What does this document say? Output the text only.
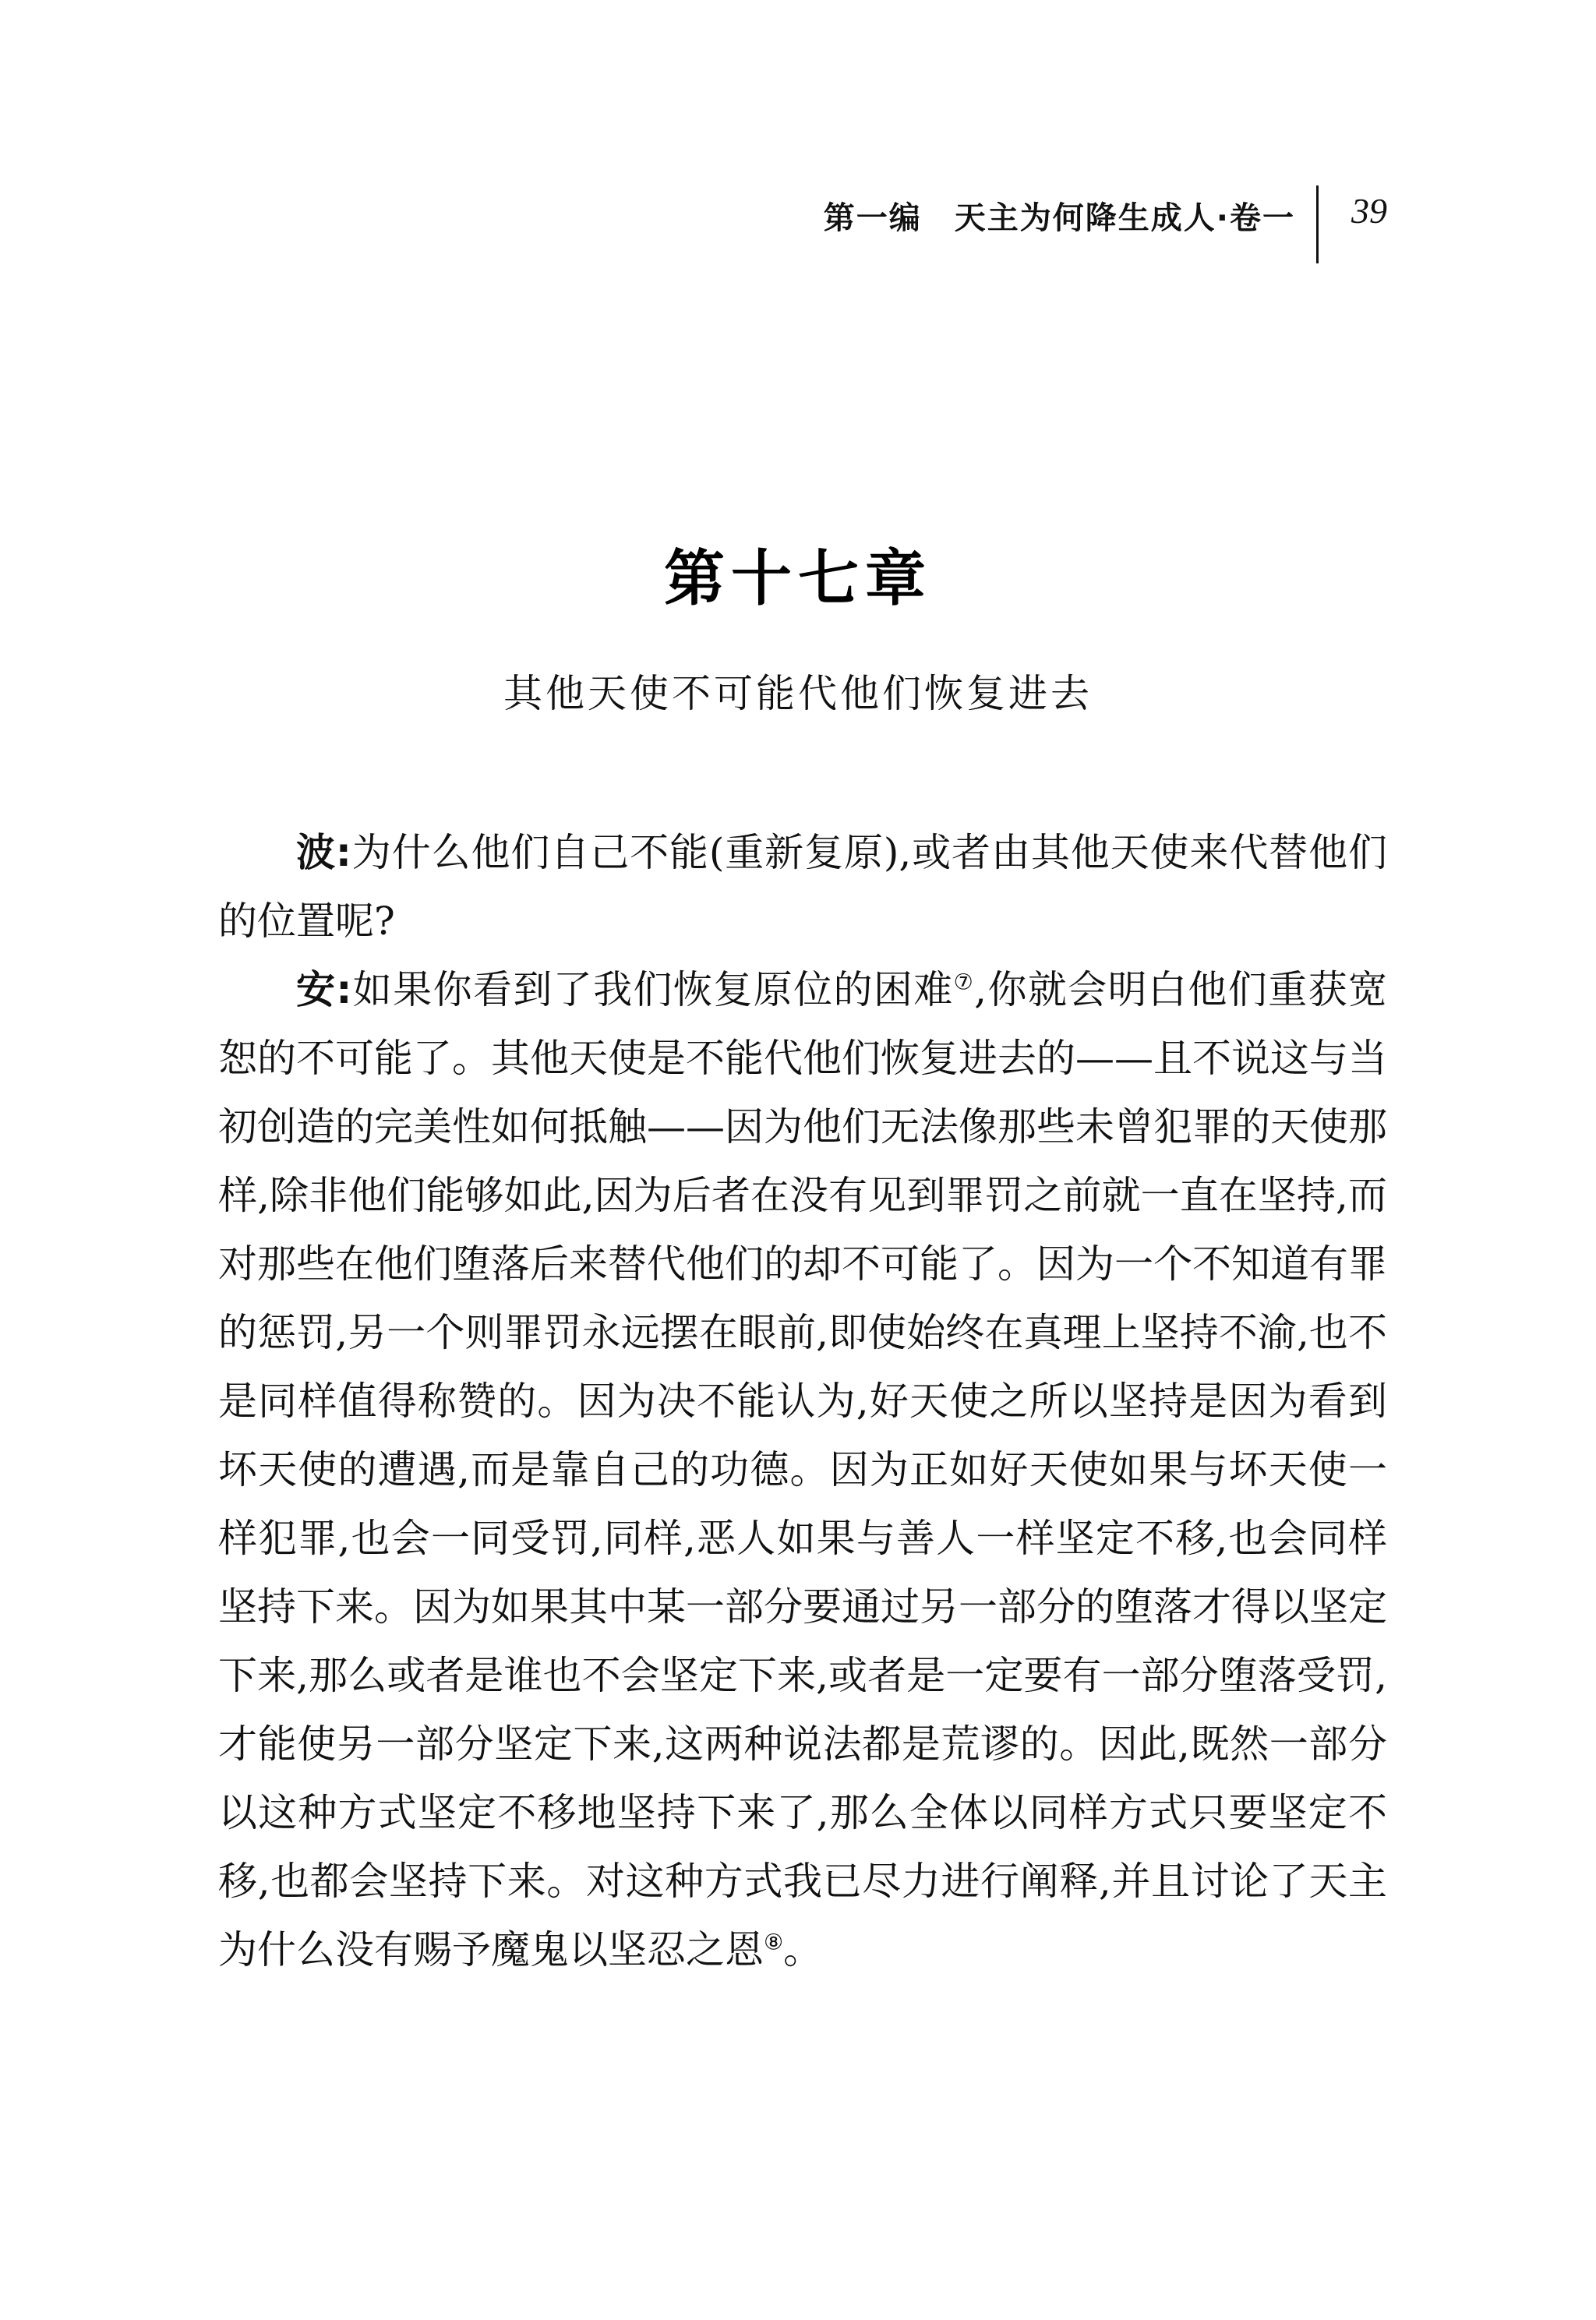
第一编　天主为何降生成人·卷一 39
第十七章
其他天使不可能代他们恢复进去

波:为什么他们自己不能(重新复原),或者由其他天使来代替他们的位置呢?

安:如果你看到了我们恢复原位的困难⑦,你就会明白他们重获宽恕的不可能了。其他天使是不能代他们恢复进去的——且不说这与当初创造的完美性如何抵触——因为他们无法像那些未曾犯罪的天使那样,除非他们能够如此,因为后者在没有见到罪罚之前就一直在坚持,而对那些在他们堕落后来替代他们的却不可能了。因为一个不知道有罪的惩罚,另一个则罪罚永远摆在眼前,即使始终在真理上坚持不渝,也不是同样值得称赞的。因为决不能认为,好天使之所以坚持是因为看到坏天使的遭遇,而是靠自己的功德。因为正如好天使如果与坏天使一样犯罪,也会一同受罚,同样,恶人如果与善人一样坚定不移,也会同样坚持下来。因为如果其中某一部分要通过另一部分的堕落才得以坚定下来,那么或者是谁也不会坚定下来,或者是一定要有一部分堕落受罚,才能使另一部分坚定下来,这两种说法都是荒谬的。因此,既然一部分以这种方式坚定不移地坚持下来了,那么全体以同样方式只要坚定不移,也都会坚持下来。对这种方式我已尽力进行阐释,并且讨论了天主为什么没有赐予魔鬼以坚忍之恩⑧。
